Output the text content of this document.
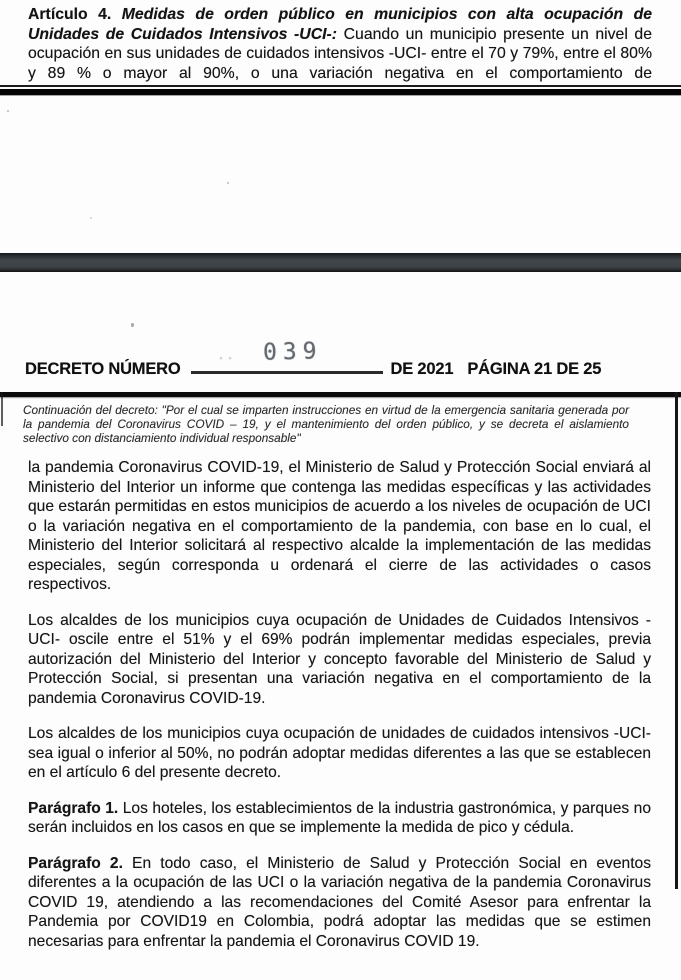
Artículo 4. Medidas de orden público en municipios con alta ocupación de Unidades de Cuidados Intensivos -UCI-: Cuando un municipio presente un nivel de ocupación en sus unidades de cuidados intensivos -UCI- entre el 70 y 79%, entre el 80% y 89 % o mayor al 90%, o una variación negativa en el comportamiento de

DECRETO NÚMERO
·· 039
DE 2021 PÁGINA 21 DE 25

Continuación del decreto: "Por el cual se imparten instrucciones en virtud de la emergencia sanitaria generada por la pandemia del Coronavirus COVID – 19, y el mantenimiento del orden público, y se decreta el aislamiento selectivo con distanciamiento individual responsable"

la pandemia Coronavirus COVID-19, el Ministerio de Salud y Protección Social enviará al Ministerio del Interior un informe que contenga las medidas específicas y las actividades que estarán permitidas en estos municipios de acuerdo a los niveles de ocupación de UCI o la variación negativa en el comportamiento de la pandemia, con base en lo cual, el Ministerio del Interior solicitará al respectivo alcalde la implementación de las medidas especiales, según corresponda u ordenará el cierre de las actividades o casos respectivos.

Los alcaldes de los municipios cuya ocupación de Unidades de Cuidados Intensivos -UCI- oscile entre el 51% y el 69% podrán implementar medidas especiales, previa autorización del Ministerio del Interior y concepto favorable del Ministerio de Salud y Protección Social, si presentan una variación negativa en el comportamiento de la pandemia Coronavirus COVID-19.

Los alcaldes de los municipios cuya ocupación de unidades de cuidados intensivos -UCI- sea igual o inferior al 50%, no podrán adoptar medidas diferentes a las que se establecen en el artículo 6 del presente decreto.

Parágrafo 1. Los hoteles, los establecimientos de la industria gastronómica, y parques no serán incluidos en los casos en que se implemente la medida de pico y cédula.

Parágrafo 2. En todo caso, el Ministerio de Salud y Protección Social en eventos diferentes a la ocupación de las UCI o la variación negativa de la pandemia Coronavirus COVID 19, atendiendo a las recomendaciones del Comité Asesor para enfrentar la Pandemia por COVID19 en Colombia, podrá adoptar las medidas que se estimen necesarias para enfrentar la pandemia el Coronavirus COVID 19.
